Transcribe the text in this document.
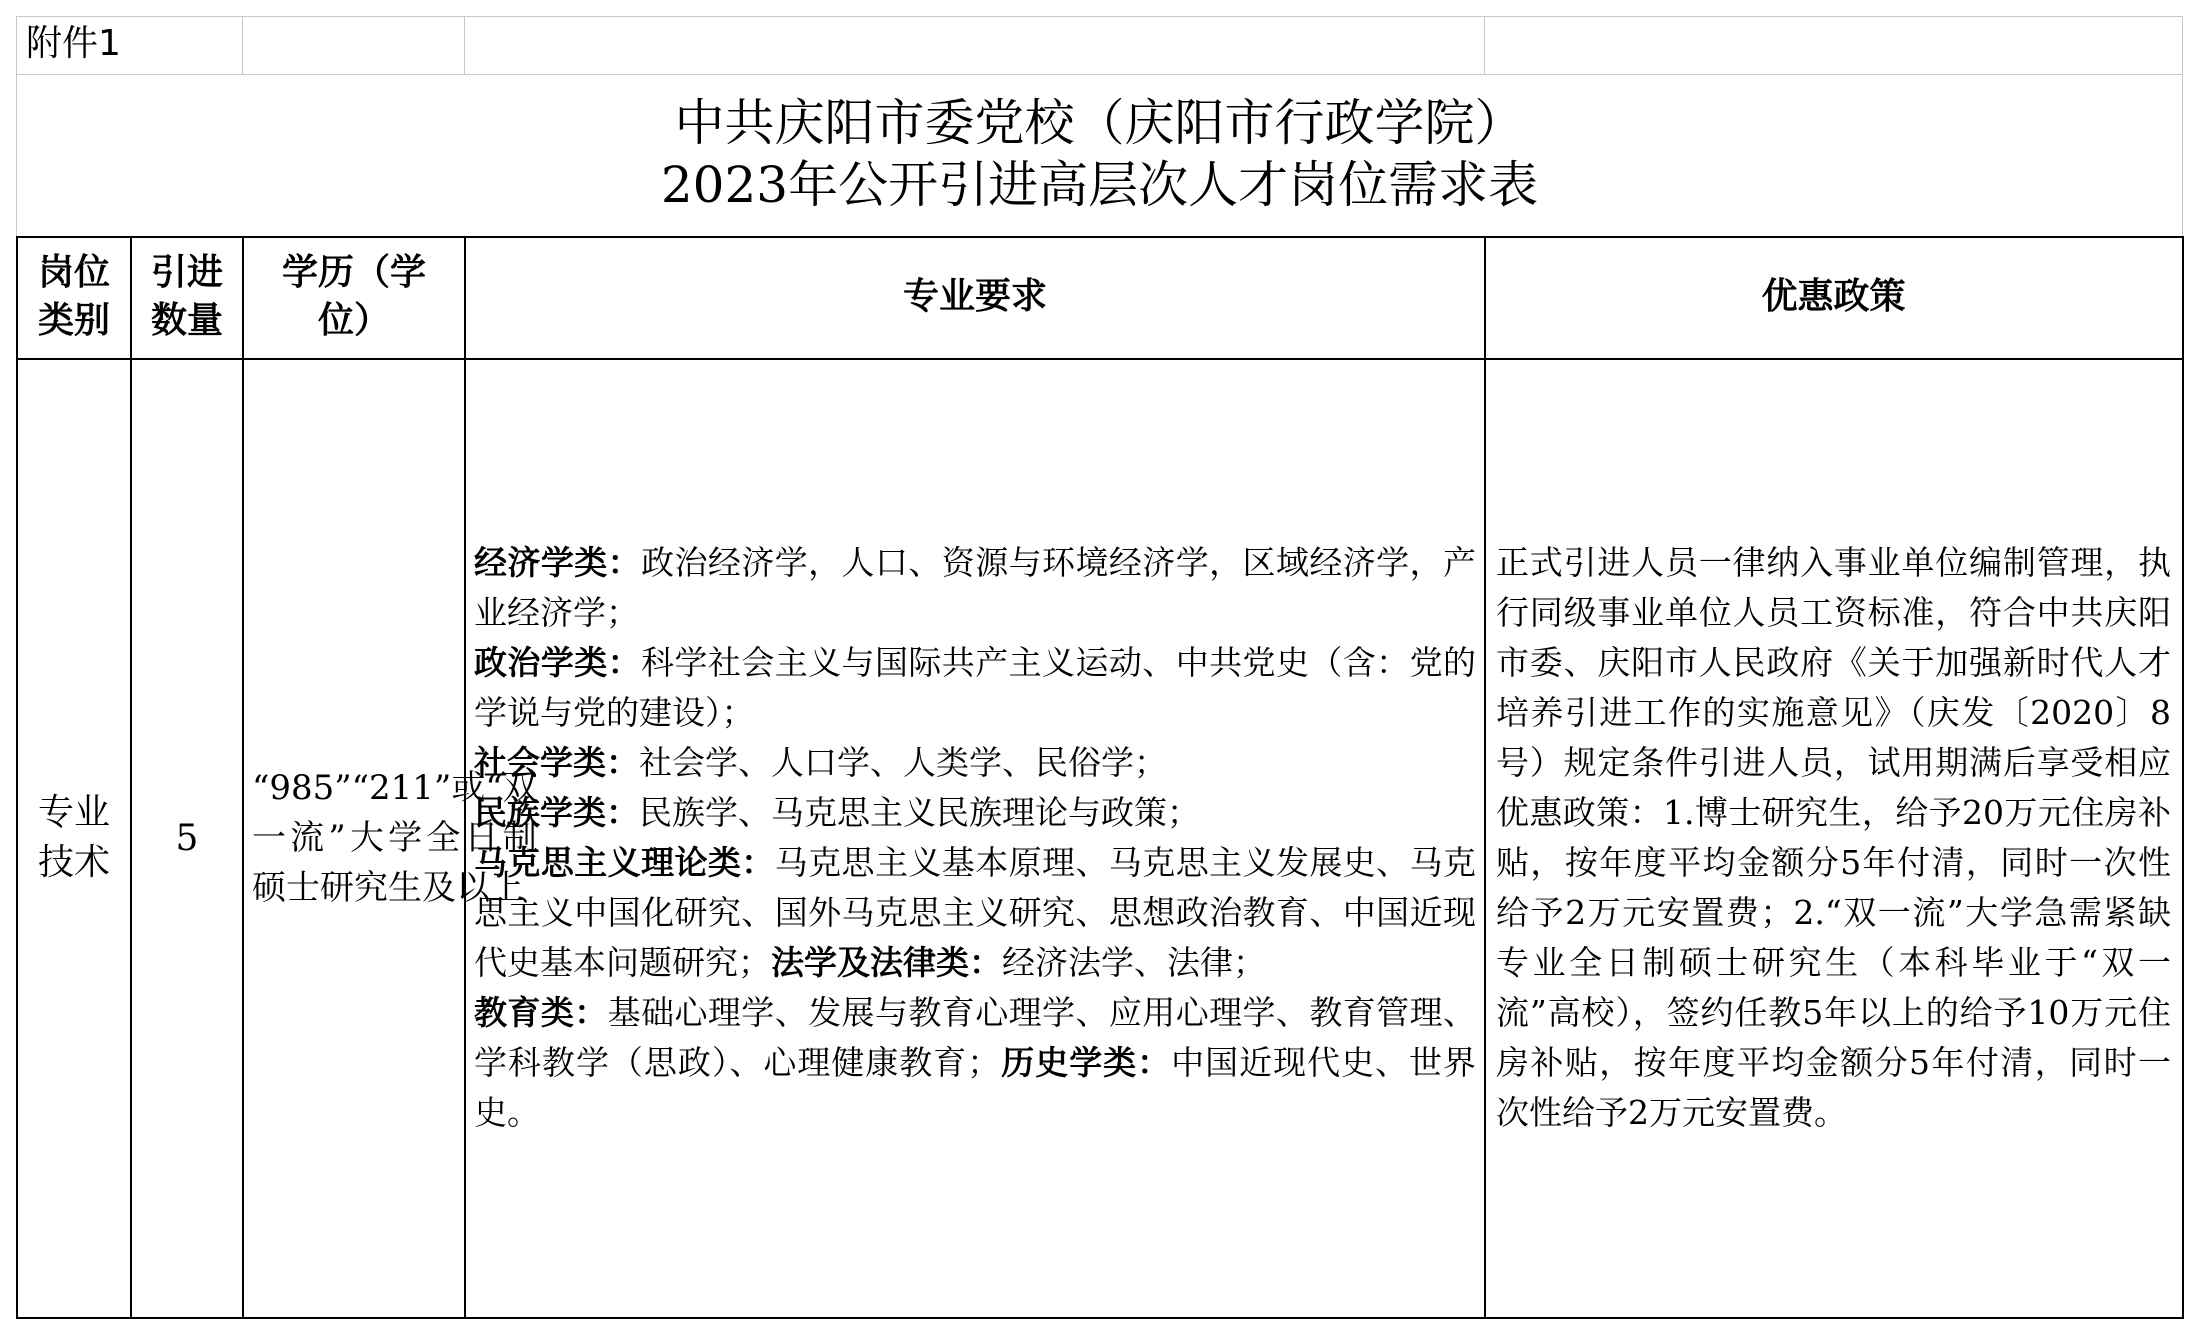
附件1
中共庆阳市委党校（庆阳市行政学院）
2023年公开引进高层次人才岗位需求表
岗位类别
引进数量
学历（学位）
专业要求	优惠政策
专业技术
5
“985”“211”或“双一流”大学全日制硕士研究生及以上
经济学类：政治经济学，人口、资源与环境经济学，区域经济学，产业经济学；
政治学类：科学社会主义与国际共产主义运动、中共党史（含：党的学说与党的建设）；
社会学类：社会学、人口学、人类学、民俗学；
民族学类：民族学、马克思主义民族理论与政策；
马克思主义理论类：马克思主义基本原理、马克思主义发展史、马克思主义中国化研究、国外马克思主义研究、思想政治教育、中国近现代史基本问题研究；法学及法律类：经济法学、法律；
教育类：基础心理学、发展与教育心理学、应用心理学、教育管理、学科教学（思政）、心理健康教育；历史学类：中国近现代史、世界史。
正式引进人员一律纳入事业单位编制管理，执行同级事业单位人员工资标准，符合中共庆阳市委、庆阳市人民政府《关于加强新时代人才培养引进工作的实施意见》（庆发〔2020〕8号）规定条件引进人员，试用期满后享受相应优惠政策：1.博士研究生，给予20万元住房补贴，按年度平均金额分5年付清，同时一次性给予2万元安置费；2.“双一流”大学急需紧缺专业全日制硕士研究生（本科毕业于“双一流”高校），签约任教5年以上的给予10万元住房补贴，按年度平均金额分5年付清，同时一次性给予2万元安置费。
